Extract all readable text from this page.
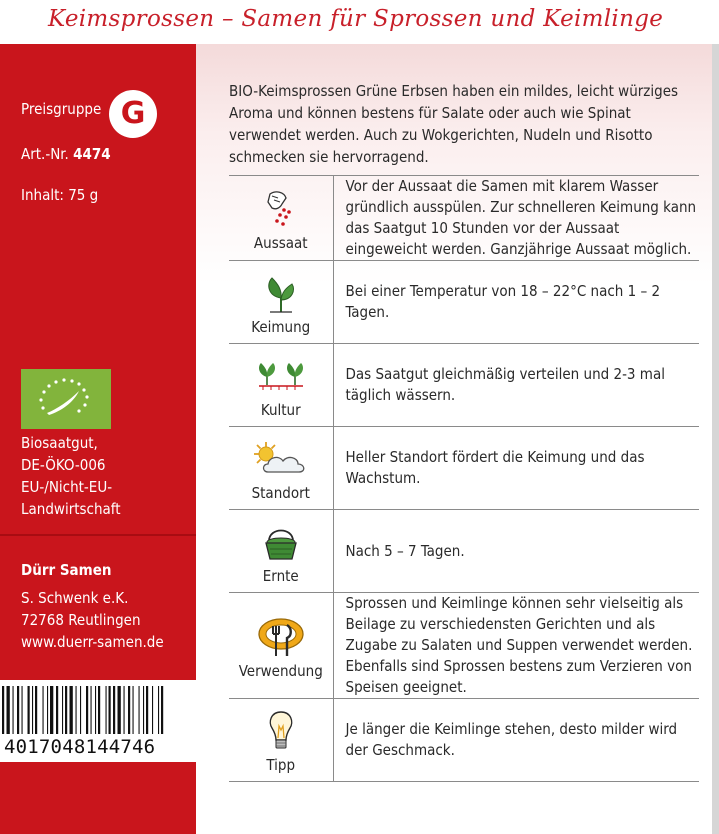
Keimsprossen – Samen für Sprossen und Keimlinge
Preisgruppe G
Art.-Nr. 4474
Inhalt: 75 g
Biosaatgut,
DE-ÖKO-006
EU-/Nicht-EU-
Landwirtschaft
Dürr Samen
S. Schwenk e.K.
72768 Reutlingen
www.duerr-samen.de
4017048144746
BIO-Keimsprossen Grüne Erbsen haben ein mildes, leicht würziges Aroma und können bestens für Salate oder auch wie Spinat verwendet werden. Auch zu Wokgerichten, Nudeln und Risotto schmecken sie hervorragend.
Aussaat	Vor der Aussaat die Samen mit klarem Wasser gründlich ausspülen. Zur schnelleren Keimung kann das Saatgut 10 Stunden vor der Aussaat eingeweicht werden. Ganzjährige Aussaat möglich.

Keimung	Bei einer Temperatur von 18 – 22°C nach 1 – 2 Tagen.

Kultur	Das Saatgut gleichmäßig verteilen und 2-3 mal täglich wässern.

Standort	Heller Standort fördert die Keimung und das Wachstum.

Ernte	Nach 5 – 7 Tagen.

Verwendung	Sprossen und Keimlinge können sehr vielseitig als Beilage zu verschiedensten Gerichten und als Zugabe zu Salaten und Suppen verwendet werden. Ebenfalls sind Sprossen bestens zum Verzieren von Speisen geeignet.

Tipp	Je länger die Keimlinge stehen, desto milder wird der Geschmack.
